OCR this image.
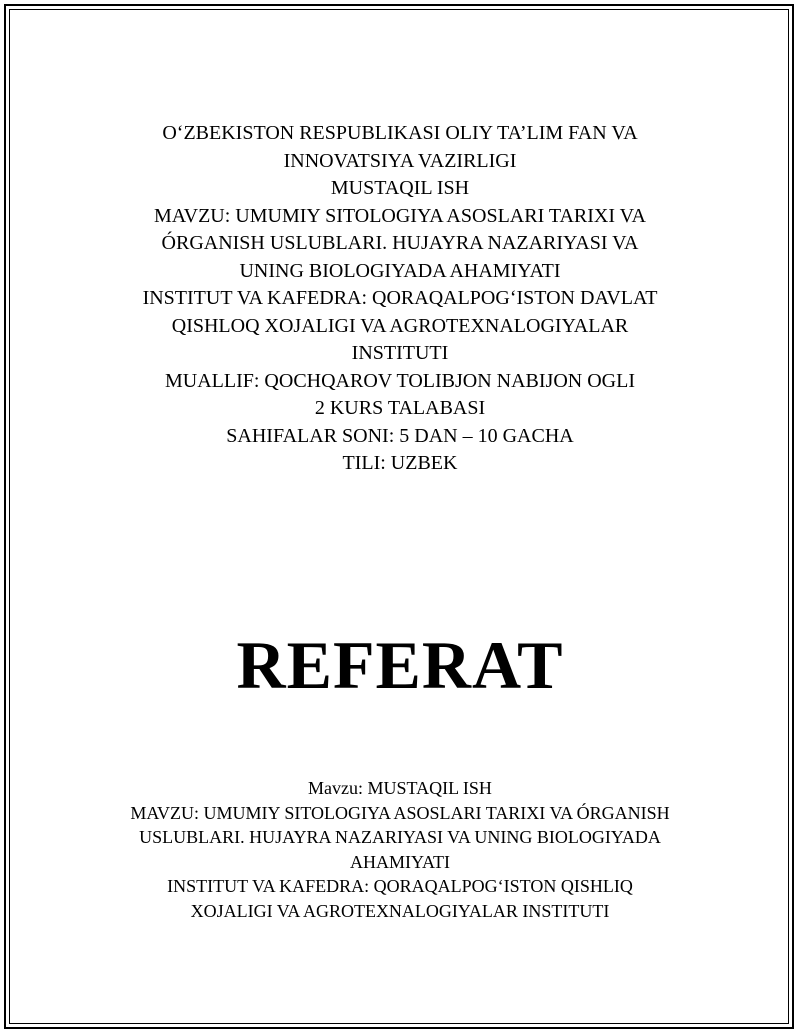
O‘ZBEKISTON RESPUBLIKASI OLIY TA’LIM FAN VA
INNOVATSIYA VAZIRLIGI
MUSTAQIL ISH
MAVZU: UMUMIY SITOLOGIYA ASOSLARI TARIXI VA
ÓRGANISH USLUBLARI. HUJAYRA NAZARIYASI VA
UNING BIOLOGIYADA AHAMIYATI
INSTITUT VA KAFEDRA: QORAQALPOG‘ISTON DAVLAT
QISHLOQ XOJALIGI VA AGROTEXNALOGIYALAR
INSTITUTI
MUALLIF: QOCHQAROV TOLIBJON NABIJON OGLI
2 KURS TALABASI
SAHIFALAR SONI: 5 DAN – 10 GACHA
TILI: UZBEK
REFERAT
Mavzu: MUSTAQIL ISH
MAVZU: UMUMIY SITOLOGIYA ASOSLARI TARIXI VA ÓRGANISH
USLUBLARI. HUJAYRA NAZARIYASI VA UNING BIOLOGIYADA
AHAMIYATI
INSTITUT VA KAFEDRA: QORAQALPOG‘ISTON QISHLIQ
XOJALIGI VA AGROTEXNALOGIYALAR INSTITUTI
